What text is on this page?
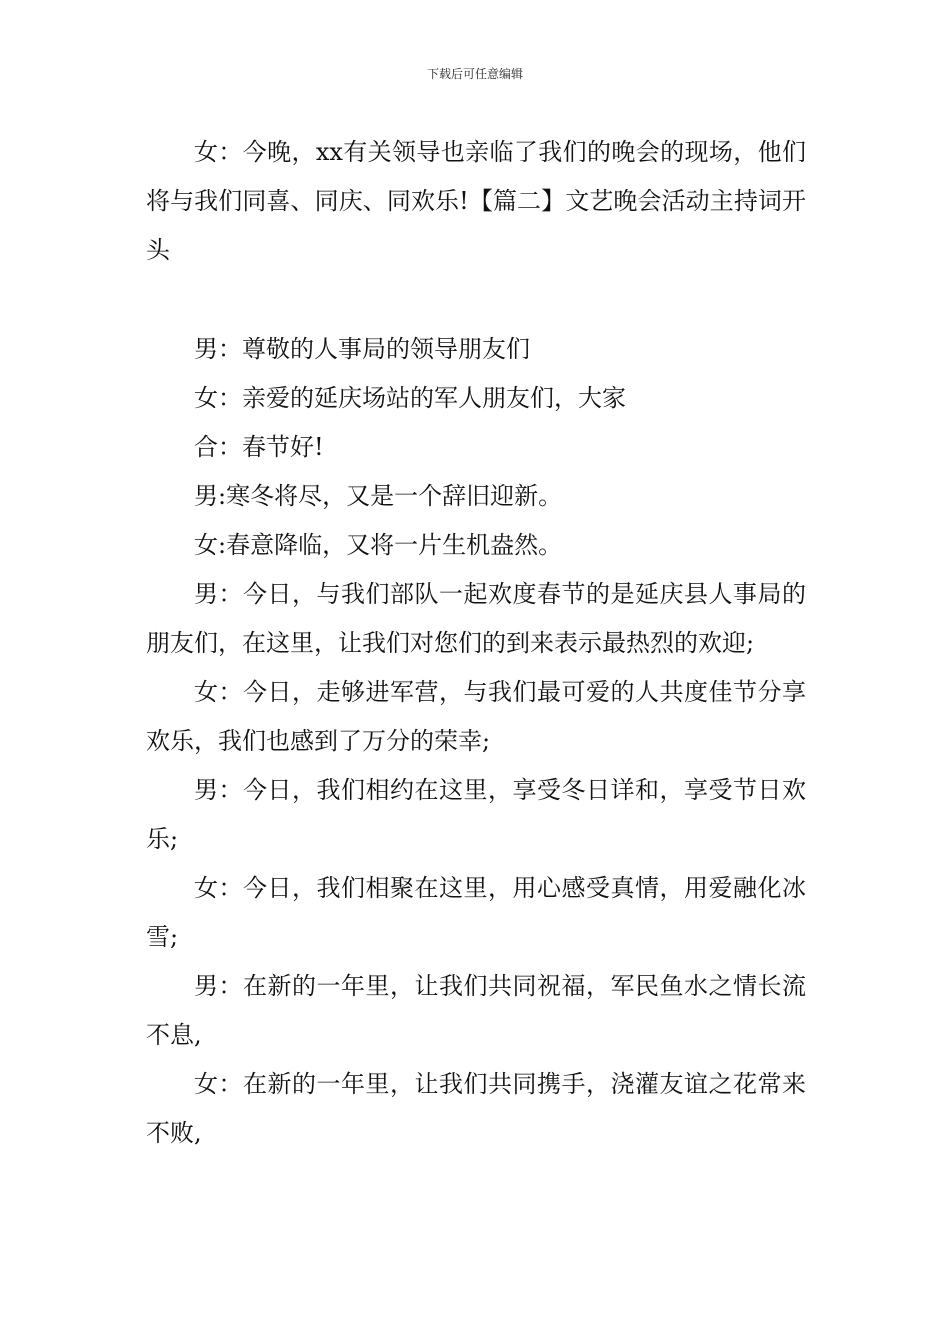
下载后可任意编辑

女：今晚，xx有关领导也亲临了我们的晚会的现场，他们将与我们同喜、同庆、同欢乐!【篇二】文艺晚会活动主持词开头

男：尊敬的人事局的领导朋友们

女：亲爱的延庆场站的军人朋友们，大家

合：春节好!

男:寒冬将尽，又是一个辞旧迎新。

女:春意降临，又将一片生机盎然。

男：今日，与我们部队一起欢度春节的是延庆县人事局的朋友们，在这里，让我们对您们的到来表示最热烈的欢迎;

女：今日，走够进军营，与我们最可爱的人共度佳节分享欢乐，我们也感到了万分的荣幸;

男：今日，我们相约在这里，享受冬日详和，享受节日欢乐;

女：今日，我们相聚在这里，用心感受真情，用爱融化冰雪;

男：在新的一年里，让我们共同祝福，军民鱼水之情长流不息,

女：在新的一年里，让我们共同携手，浇灌友谊之花常来不败,
